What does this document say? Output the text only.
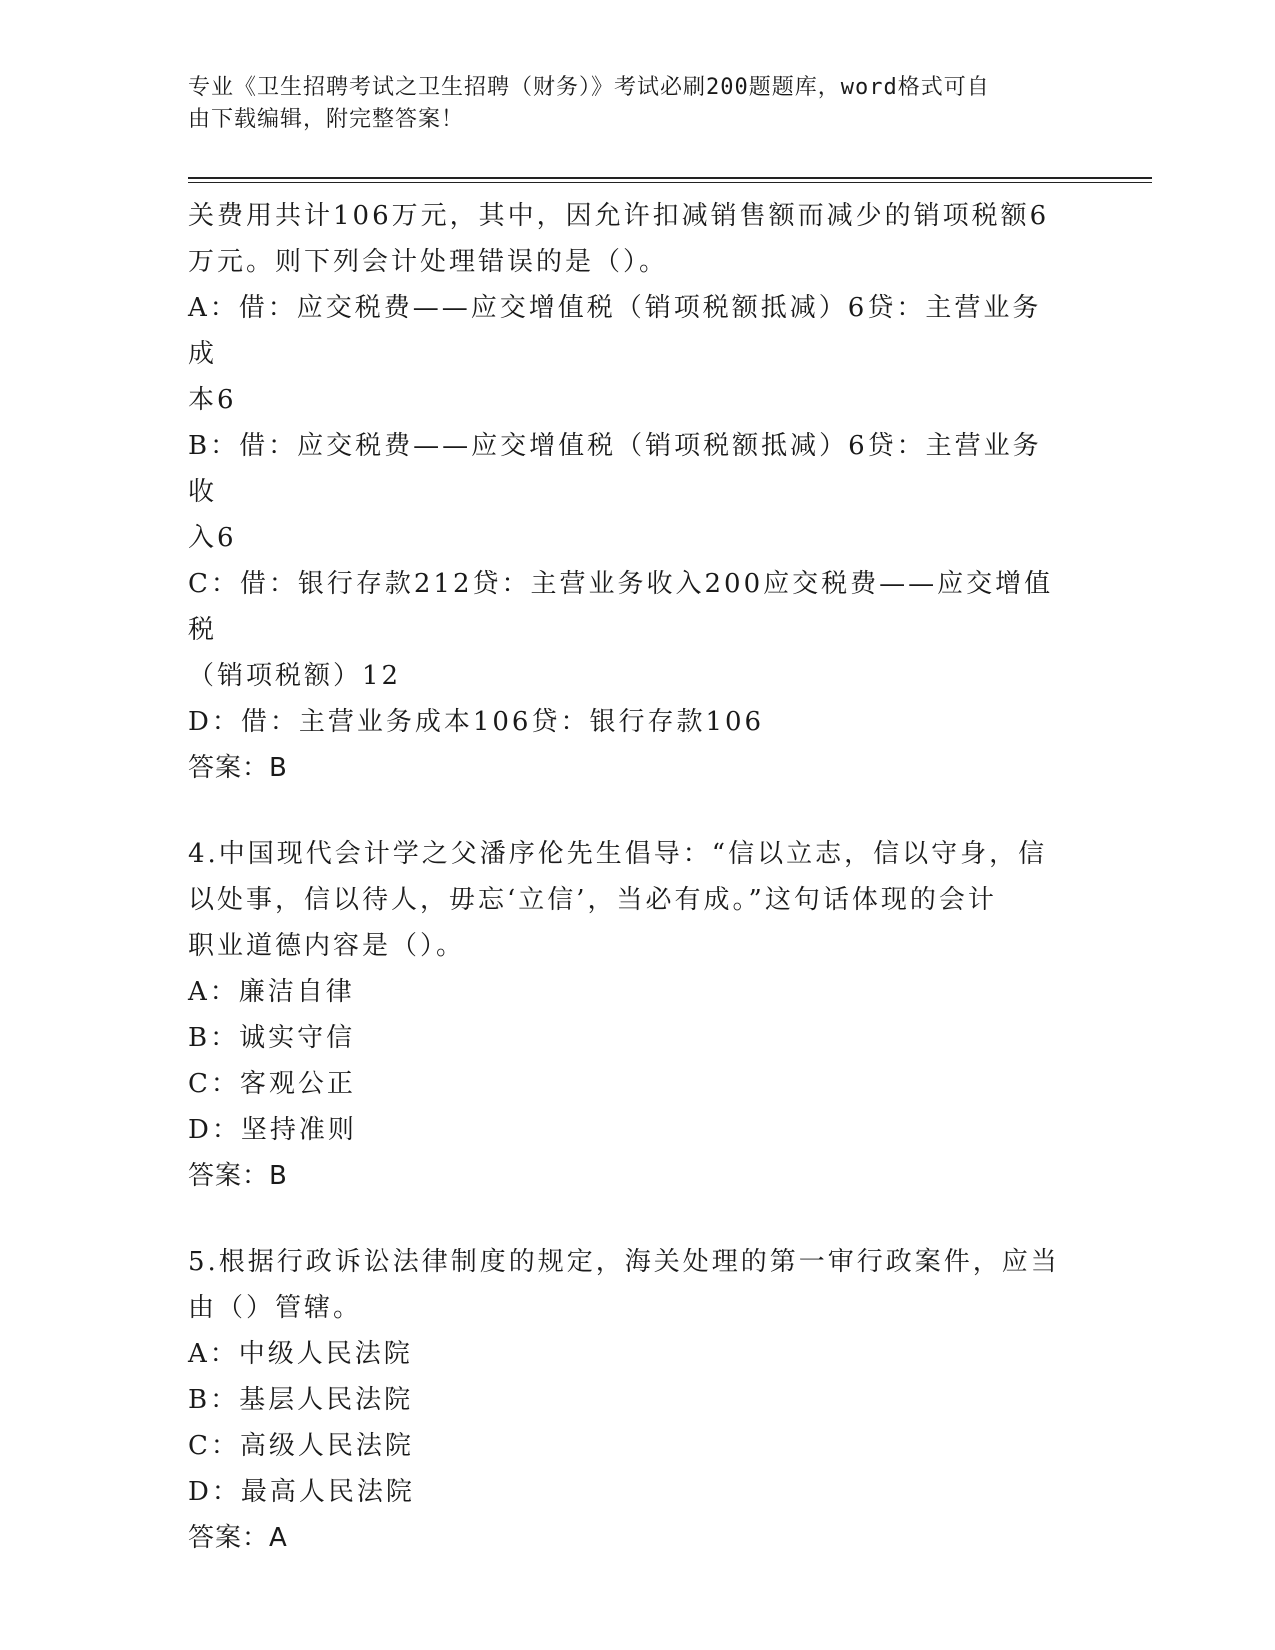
专业《卫生招聘考试之卫生招聘（财务）》考试必刷200题题库，word格式可自
由下载编辑，附完整答案！

关费用共计106万元，其中，因允许扣减销售额而减少的销项税额6

万元。则下列会计处理错误的是（）。

A：借：应交税费——应交增值税（销项税额抵减）6贷：主营业务成

本6

B：借：应交税费——应交增值税（销项税额抵减）6贷：主营业务收

入6

C：借：银行存款212贷：主营业务收入200应交税费——应交增值税

（销项税额）12

D：借：主营业务成本106贷：银行存款106

答案：B

4.中国现代会计学之父潘序伦先生倡导：“信以立志，信以守身，信

以处事，信以待人，毋忘‘立信’，当必有成。”这句话体现的会计

职业道德内容是（）。

A：廉洁自律

B：诚实守信

C：客观公正

D：坚持准则

答案：B

5.根据行政诉讼法律制度的规定，海关处理的第一审行政案件，应当

由（）管辖。

A：中级人民法院

B：基层人民法院

C：高级人民法院

D：最高人民法院

答案：A
